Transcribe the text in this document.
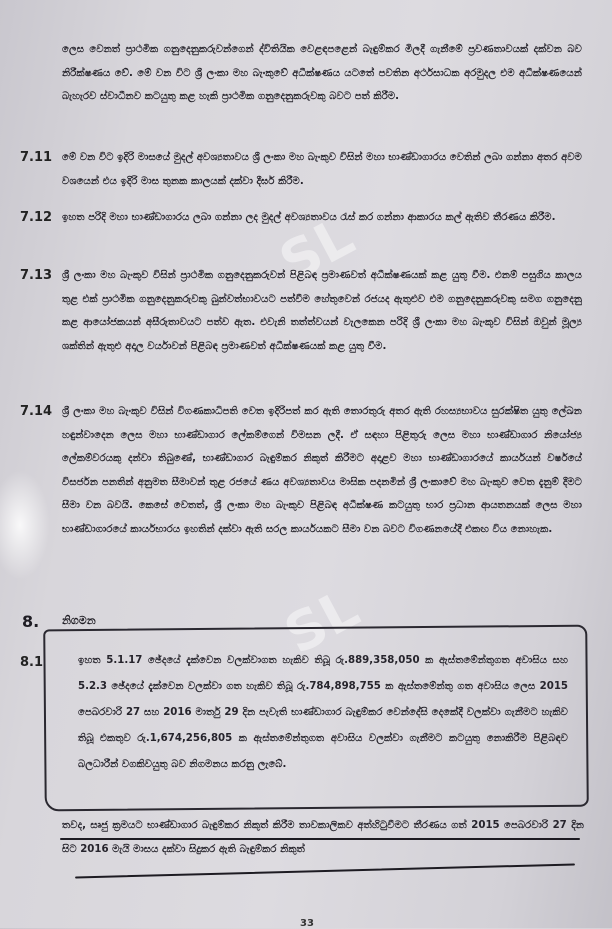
SL
SL
ලෙස වෙනත් ප්‍රාථමික ගනුදෙනුකරුවන්ගෙන් ද්විතියික වෙළඳපළෙන් බැඳුම්කර මිලදී ගැනීමේ ප්‍රවණතාවයක් දක්වන බව නිරීක්ෂණය වේ. මේ වන විට ශ්‍රී ලංකා මහ බැංකුවේ අධීක්ෂණය යටතේ පවතින අර්ථසාධක අරමුදල එම අධීක්ෂණයෙන් බැහැරව ස්වාධීනව කටයුතු කළ හැකි ප්‍රාථමික ගනුදෙනුකරුවකු බවට පත් කිරීම.
7.11 මේ වන විට ඉදිරි මාසයේ මුදල් අවශ්‍යතාවය ශ්‍රී ලංකා මහ බැංකුව විසින් මහා භාණ්ඩාගාරය වෙතින් ලබා ගන්නා අතර අවම වශයෙන් එය ඉදිරි මාස තුනක කාලයක් දක්වා දීර්ඝ කිරීම.
7.12 ඉහත පරිදි මහා භාණ්ඩාගාරය ලබා ගන්නා ලද මුදල් අවශ්‍යතාවය රැස් කර ගන්නා ආකාරය කල් ඇතිව තීරණය කිරීම.
7.13 ශ්‍රී ලංකා මහ බැංකුව විසින් ප්‍රාථමික ගනුදෙනුකරුවන් පිළිබඳ ප්‍රමාණවත් අධීක්ෂණයක් කළ යුතු වීම. එනම් පසුගිය කාලය තුළ එක් ප්‍රාථමික ගනුදෙනුකරුවකු බුන්වත්භාවයට පත්වීම හේතුවෙන් රජයද ඇතුළුව එම ගනුදෙනුකරුවකු සමග ගනුදෙනු කළ ආයෝජකයන් අසීරුතාවයට පත්ව ඇත. එවැනි තත්ත්වයන් වැලකෙන පරිදි ශ්‍රී ලංකා මහ බැංකුව විසින් ඔවුන් මූල්‍ය ශක්තින් ඇතුළු අදාල වර්යාවන් පිළිබඳ ප්‍රමාණවත් අධීක්ෂණයක් කළ යුතු වීම.
7.14 ශ්‍රී ලංකා මහ බැංකුව විසින් විගණකාධිපති වෙත ඉදිරිපත් කර ඇති තොරතුරු අතර ඇති රහස්‍යභාවය සුරක්ෂිත යුතු ලේඛන හඳුන්වාදෙන ලෙස මහා භාණ්ඩාගාර ලේකම්ගෙන් විමසන ලදී. ඒ සඳහා පිළිතුරු ලෙස මහා භාණ්ඩාගාර නියෝජ්‍ය ලේකම්වරයකු දන්වා තිබුණේ, භාණ්ඩාගාර බැඳුම්කර නිකුත් කිරීමට අදාළව මහා භාණ්ඩාගාරයේ කාර්යයන් වර්ෂයේ විසර්ජන පනතින් අනුමත සීමාවන් තුළ රජයේ ණය අවශ්‍යතාවය මාසික පදනමින් ශ්‍රී ලංකාවේ මහ බැංකුව වෙත දැනුම් දීමට සීමා වන බවයි. කෙසේ වෙතත්, ශ්‍රී ලංකා මහ බැංකුව පිළිබඳ අධීක්ෂණ කටයුතු භාර ප්‍රධාන ආයතනයක් ලෙස මහා භාණ්ඩාගාරයේ කාර්යභාරය ඉහතින් දක්වා ඇති සරල කාර්යයකට සීමා වන බවට විගණනයේදී එකඟ විය නොහැක.
8. නිගමන
8.1	ඉහත 5.1.17 ඡේදයේ දැක්වෙන වලක්වාගත හැකිව තිබූ රු.889,358,050 ක ඇස්තමේන්තුගත අවාසිය සහ 5.2.3 ඡේදයේ දැක්වෙන වලක්වා ගත හැකිව තිබූ රු.784,898,755 ක ඇස්තමේන්තු ගත අවාසිය ලෙස 2015 පෙබරවාරි 27 සහ 2016 මාර්තු 29 දින පැවැති භාණ්ඩාගාර බැඳුම්කර වෙන්දේසි දෙකේදී වලක්වා ගැනීමට හැකිව තිබූ එකතුව රු.1,674,256,805 ක ඇස්තමේන්තුගත අවාසිය වලක්වා ගැනීමට කටයුතු නොකිරීම පිළිබඳව බලධාරීන් වගකිවයුතු බව නිගමනය කරනු ලැබේ.
තවද, සෘජු ක්‍රමයට භාණ්ඩාගාර බැඳුම්කර නිකුත් කිරීම තාවකාලිකව අත්හිටුවීමට තීරණය ගත් 2015 පෙබරවාරි 27 දින සිට 2016 මැයි මාසය දක්වා සිදුකර ඇති බැඳුම්කර නිකුත්
33
